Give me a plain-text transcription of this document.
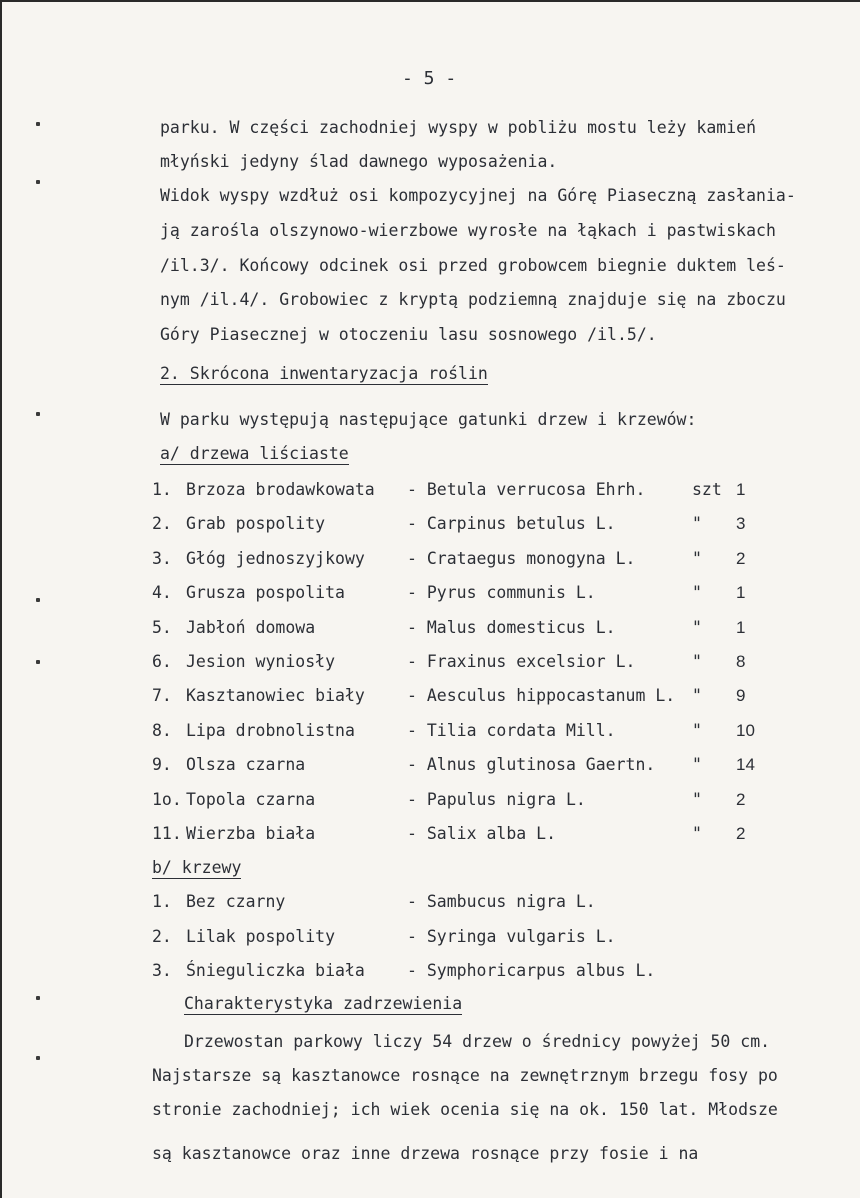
- 5 -
parku. W części zachodniej wyspy w pobliżu mostu leży kamień
młyński jedyny ślad dawnego wyposażenia.
Widok wyspy wzdłuż osi kompozycyjnej na Górę Piaseczną zasłania-
ją zarośla olszynowo-wierzbowe wyrosłe na łąkach i pastwiskach
/il.3/. Końcowy odcinek osi przed grobowcem biegnie duktem leś-
nym /il.4/. Grobowiec z kryptą podziemną znajduje się na zboczu
Góry Piasecznej w otoczeniu lasu sosnowego /il.5/.
2. Skrócona inwentaryzacja roślin
W parku występują następujące gatunki drzew i krzewów:
a/ drzewa liściaste
1. Brzoza brodawkowata - Betula verrucosa Ehrh.	szt 1
2. Grab pospolity	- Carpinus betulus L.	" 3
3. Głóg jednoszyjkowy	- Crataegus monogyna L.	" 2
4. Grusza pospolita	- Pyrus communis L.	" 1
5. Jabłoń domowa	- Malus domesticus L.	" 1
6. Jesion wyniosły	- Fraxinus excelsior L.	" 8
7. Kasztanowiec biały	- Aesculus hippocastanum L. " 9
8. Lipa drobnolistna	- Tilia cordata Mill.	" 10
9. Olsza czarna	- Alnus glutinosa Gaertn. " 14
1o. Topola czarna	- Papulus nigra L.	" 2
11. Wierzba biała	- Salix alba L.	" 2
b/ krzewy
1. Bez czarny	- Sambucus nigra L.
2. Lilak pospolity	- Syringa vulgaris L.
3. Śnieguliczka biała	- Symphoricarpus albus L.
Charakterystyka zadrzewienia
Drzewostan parkowy liczy 54 drzew o średnicy powyżej 50 cm.
Najstarsze są kasztanowce rosnące na zewnętrznym brzegu fosy po
stronie zachodniej; ich wiek ocenia się na ok. 150 lat. Młodsze
są kasztanowce oraz inne drzewa rosnące przy fosie i na
